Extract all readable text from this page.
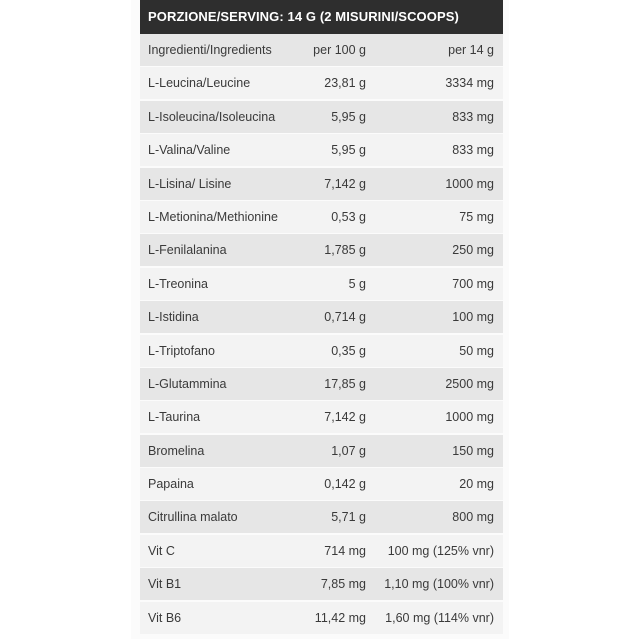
PORZIONE/SERVING: 14 G (2 MISURINI/SCOOPS)
Ingredienti/Ingredients	per 100 g	per 14 g
L-Leucina/Leucine	23,81 g	3334 mg
L-Isoleucina/Isoleucina	5,95 g	833 mg
L-Valina/Valine	5,95 g	833 mg
L-Lisina/ Lisine	7,142 g	1000 mg
L-Metionina/Methionine	0,53 g	75 mg
L-Fenilalanina	1,785 g	250 mg
L-Treonina	5 g	700 mg
L-Istidina	0,714 g	100 mg
L-Triptofano	0,35 g	50 mg
L-Glutammina	17,85 g	2500 mg
L-Taurina	7,142 g	1000 mg
Bromelina	1,07 g	150 mg
Papaina	0,142 g	20 mg
Citrullina malato	5,71 g	800 mg
Vit C	714 mg	100 mg (125% vnr)
Vit B1	7,85 mg	1,10 mg (100% vnr)
Vit B6	11,42 mg	1,60 mg (114% vnr)
